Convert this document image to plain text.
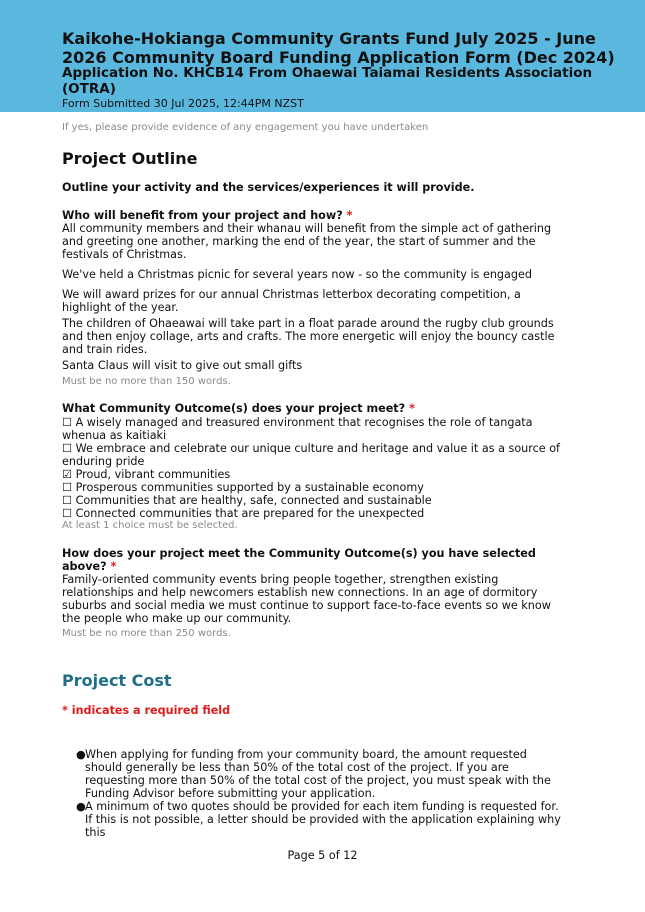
Kaikohe-Hokianga Community Grants Fund July 2025 - June 2026 Community Board Funding Application Form (Dec 2024)
Application No. KHCB14 From Ohaewai Taiamai Residents Association (OTRA)
Form Submitted 30 Jul 2025, 12:44PM NZST
If yes, please provide evidence of any engagement you have undertaken
Project Outline
Outline your activity and the services/experiences it will provide.
Who will benefit from your project and how? *
All community members and their whanau will benefit from the simple act of gathering and greeting one another, marking the end of the year, the start of summer and the festivals of Christmas.
We've held a Christmas picnic for several years now - so the community is engaged
We will award prizes for our annual Christmas letterbox decorating competition, a highlight of the year.
The children of Ohaeawai will take part in a float parade around the rugby club grounds and then enjoy collage, arts and crafts. The more energetic will enjoy the bouncy castle and train rides.
Santa Claus will visit to give out small gifts
Must be no more than 150 words.
What Community Outcome(s) does your project meet? *
☐ A wisely managed and treasured environment that recognises the role of tangata whenua as kaitiaki
☐ We embrace and celebrate our unique culture and heritage and value it as a source of enduring pride
☑ Proud, vibrant communities
☐ Prosperous communities supported by a sustainable economy
☐ Communities that are healthy, safe, connected and sustainable
☐ Connected communities that are prepared for the unexpected
At least 1 choice must be selected.
How does your project meet the Community Outcome(s) you have selected above? *
Family-oriented community events bring people together, strengthen existing relationships and help newcomers establish new connections. In an age of dormitory suburbs and social media we must continue to support face-to-face events so we know the people who make up our community.
Must be no more than 250 words.
Project Cost
* indicates a required field
● When applying for funding from your community board, the amount requested should generally be less than 50% of the total cost of the project. If you are requesting more than 50% of the total cost of the project, you must speak with the Funding Advisor before submitting your application.
● A minimum of two quotes should be provided for each item funding is requested for. If this is not possible, a letter should be provided with the application explaining why this
Page 5 of 12
